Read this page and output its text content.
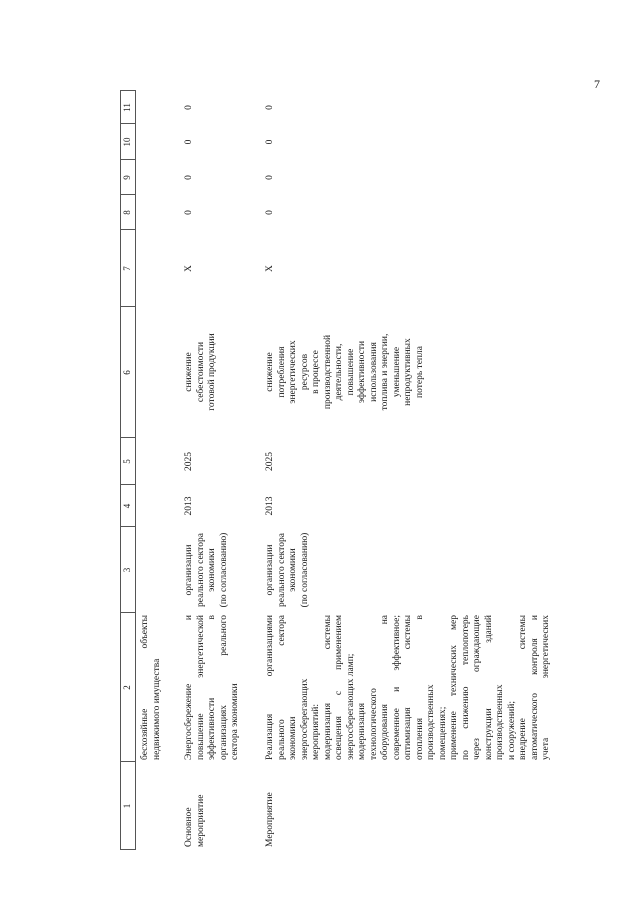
7
1
2
3
4
5
6
7
8
9
10
11
бесхозяйные объекты недвижимого имущества
Основное мероприятие
Энергосбережение и повышение энергетической эффективности в организациях реального сектора экономики
организации реального сектора экономики (по согласованию)
2013
2025
снижение себестоимости готовой продукции
X
0
0
0
0
Мероприятие
Реализация организациями реального сектора экономики энергосберегающих мероприятий: модернизация системы освещения с применением энергосберегающих ламп; модернизация технологического оборудования на современное и эффективное; оптимизация системы отопления в производственных помещениях; применение технических мер по снижению теплопотерь через ограждающие конструкции зданий производственных и сооружений; внедрение системы автоматического контроля и учета энергетических
организации реального сектора экономики (по согласованию)
2013
2025
снижение потребления энергетических ресурсов в процессе производственной деятельности, повышение эффективности использования топлива и энергии, уменьшение непродуктивных потерь тепла
X
0
0
0
0
